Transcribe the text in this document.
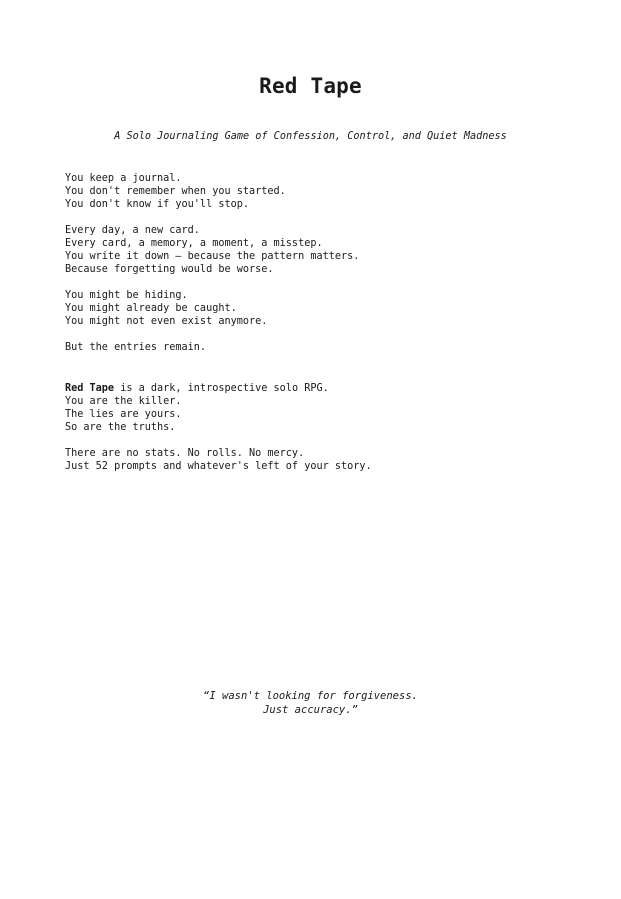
Red Tape

A Solo Journaling Game of Confession, Control, and Quiet Madness

You keep a journal.
You don't remember when you started.
You don't know if you'll stop.

Every day, a new card.
Every card, a memory, a moment, a misstep.
You write it down — because the pattern matters.
Because forgetting would be worse.

You might be hiding.
You might already be caught.
You might not even exist anymore.

But the entries remain.

Red Tape is a dark, introspective solo RPG.
You are the killer.
The lies are yours.
So are the truths.

There are no stats. No rolls. No mercy.
Just 52 prompts and whatever's left of your story.

“I wasn't looking for forgiveness.
Just accuracy.”
